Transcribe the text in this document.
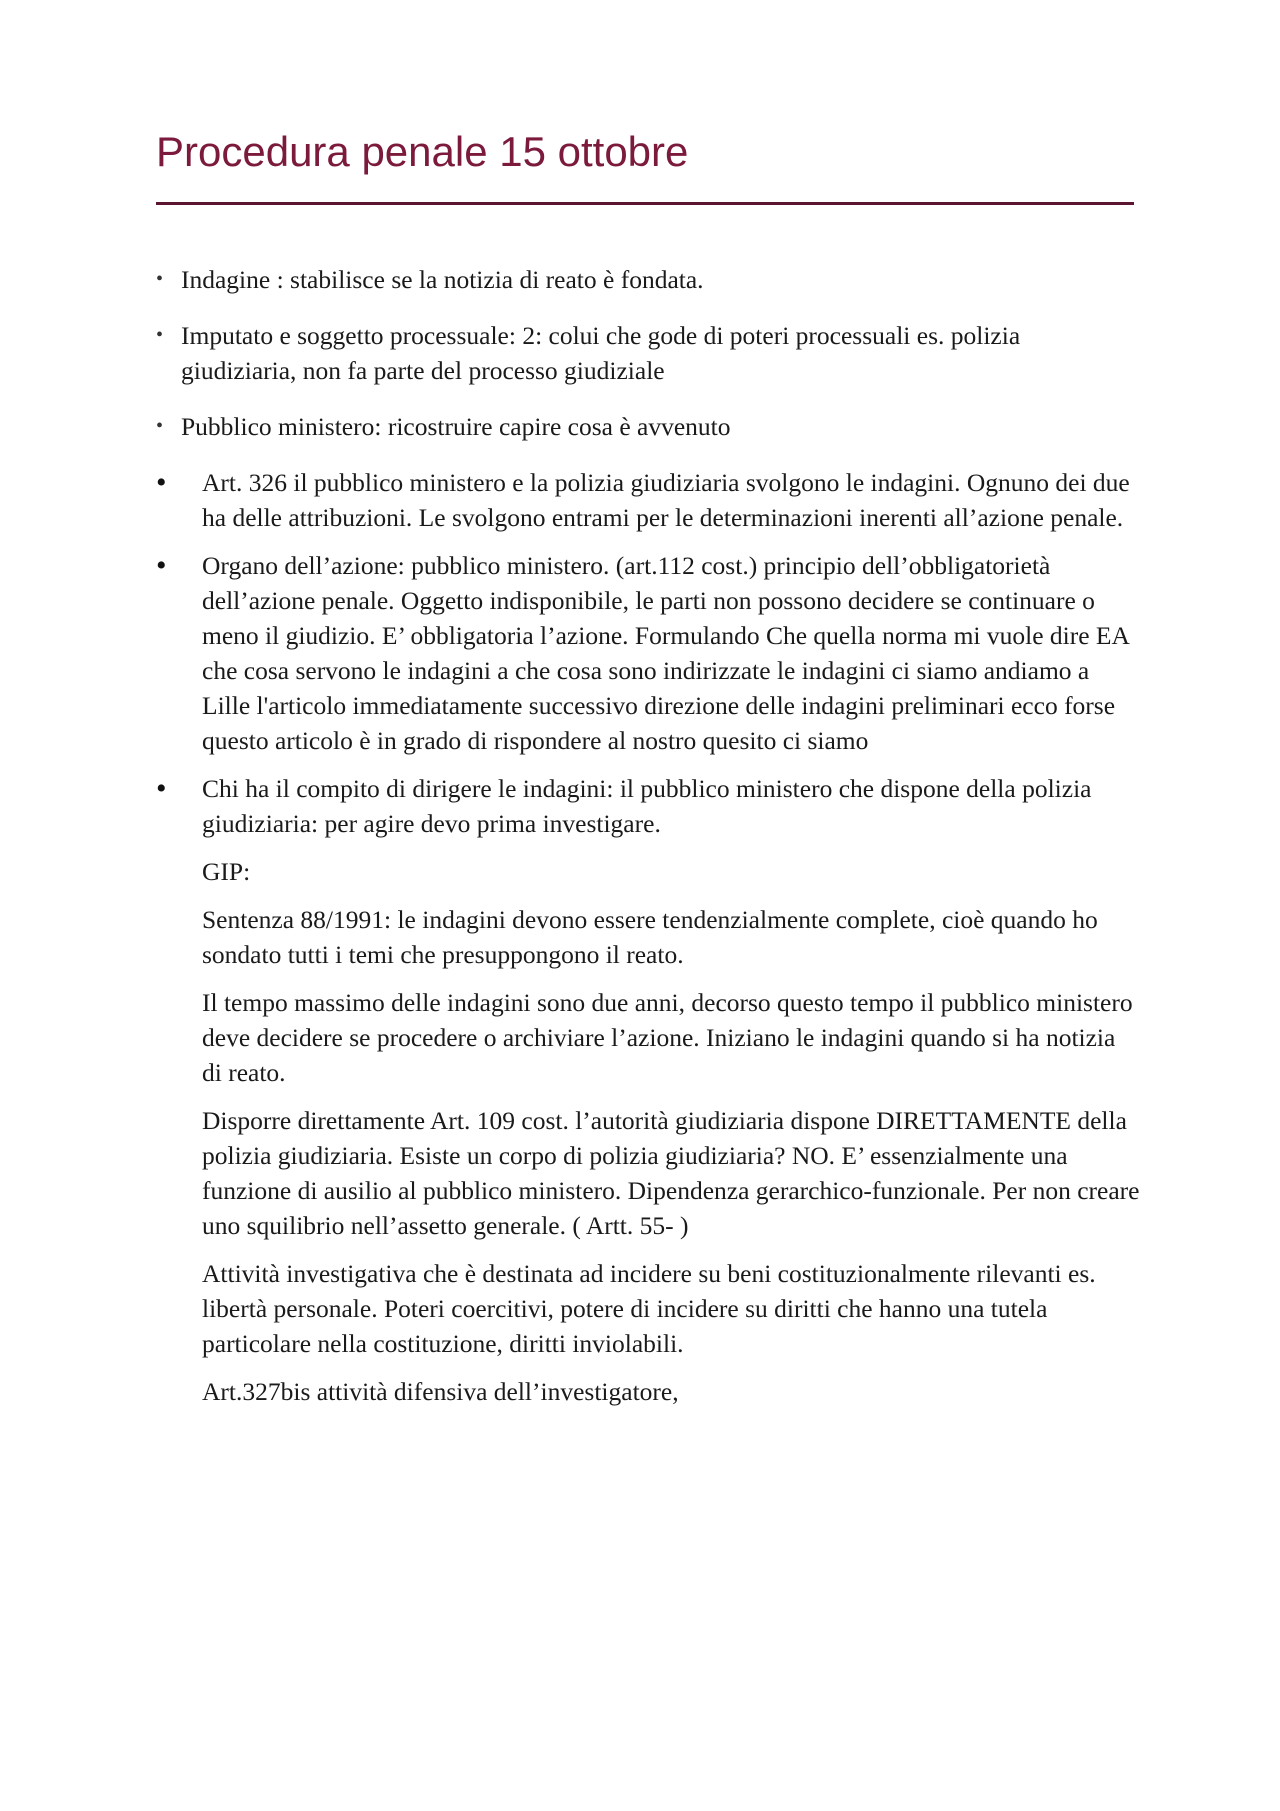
Procedura penale 15 ottobre
• Indagine : stabilisce se la notizia di reato è fondata.
• Imputato e soggetto processuale: 2: colui che gode di poteri processuali es. polizia giudiziaria, non fa parte del processo giudiziale
• Pubblico ministero: ricostruire capire cosa è avvenuto
• Art. 326 il pubblico ministero e la polizia giudiziaria svolgono le indagini. Ognuno dei due ha delle attribuzioni. Le svolgono entrami per le determinazioni inerenti all’azione penale.
• Organo dell’azione: pubblico ministero. (art.112 cost.) principio dell’obbligatorietà dell’azione penale. Oggetto indisponibile, le parti non possono decidere se continuare o meno il giudizio. E’ obbligatoria l’azione. Formulando Che quella norma mi vuole dire EA che cosa servono le indagini a che cosa sono indirizzate le indagini ci siamo andiamo a Lille l'articolo immediatamente successivo direzione delle indagini preliminari ecco forse questo articolo è in grado di rispondere al nostro quesito ci siamo
• Chi ha il compito di dirigere le indagini: il pubblico ministero che dispone della polizia giudiziaria: per agire devo prima investigare.

GIP:

Sentenza 88/1991: le indagini devono essere tendenzialmente complete, cioè quando ho sondato tutti i temi che presuppongono il reato.

Il tempo massimo delle indagini sono due anni, decorso questo tempo il pubblico ministero deve decidere se procedere o archiviare l’azione. Iniziano le indagini quando si ha notizia di reato.

Disporre direttamente Art. 109 cost. l’autorità giudiziaria dispone DIRETTAMENTE della polizia giudiziaria. Esiste un corpo di polizia giudiziaria? NO. E’ essenzialmente una funzione di ausilio al pubblico ministero. Dipendenza gerarchico-funzionale. Per non creare uno squilibrio nell’assetto generale. ( Artt. 55- )

Attività investigativa che è destinata ad incidere su beni costituzionalmente rilevanti es. libertà personale. Poteri coercitivi, potere di incidere su diritti che hanno una tutela particolare nella costituzione, diritti inviolabili.

Art.327bis attività difensiva dell’investigatore,
